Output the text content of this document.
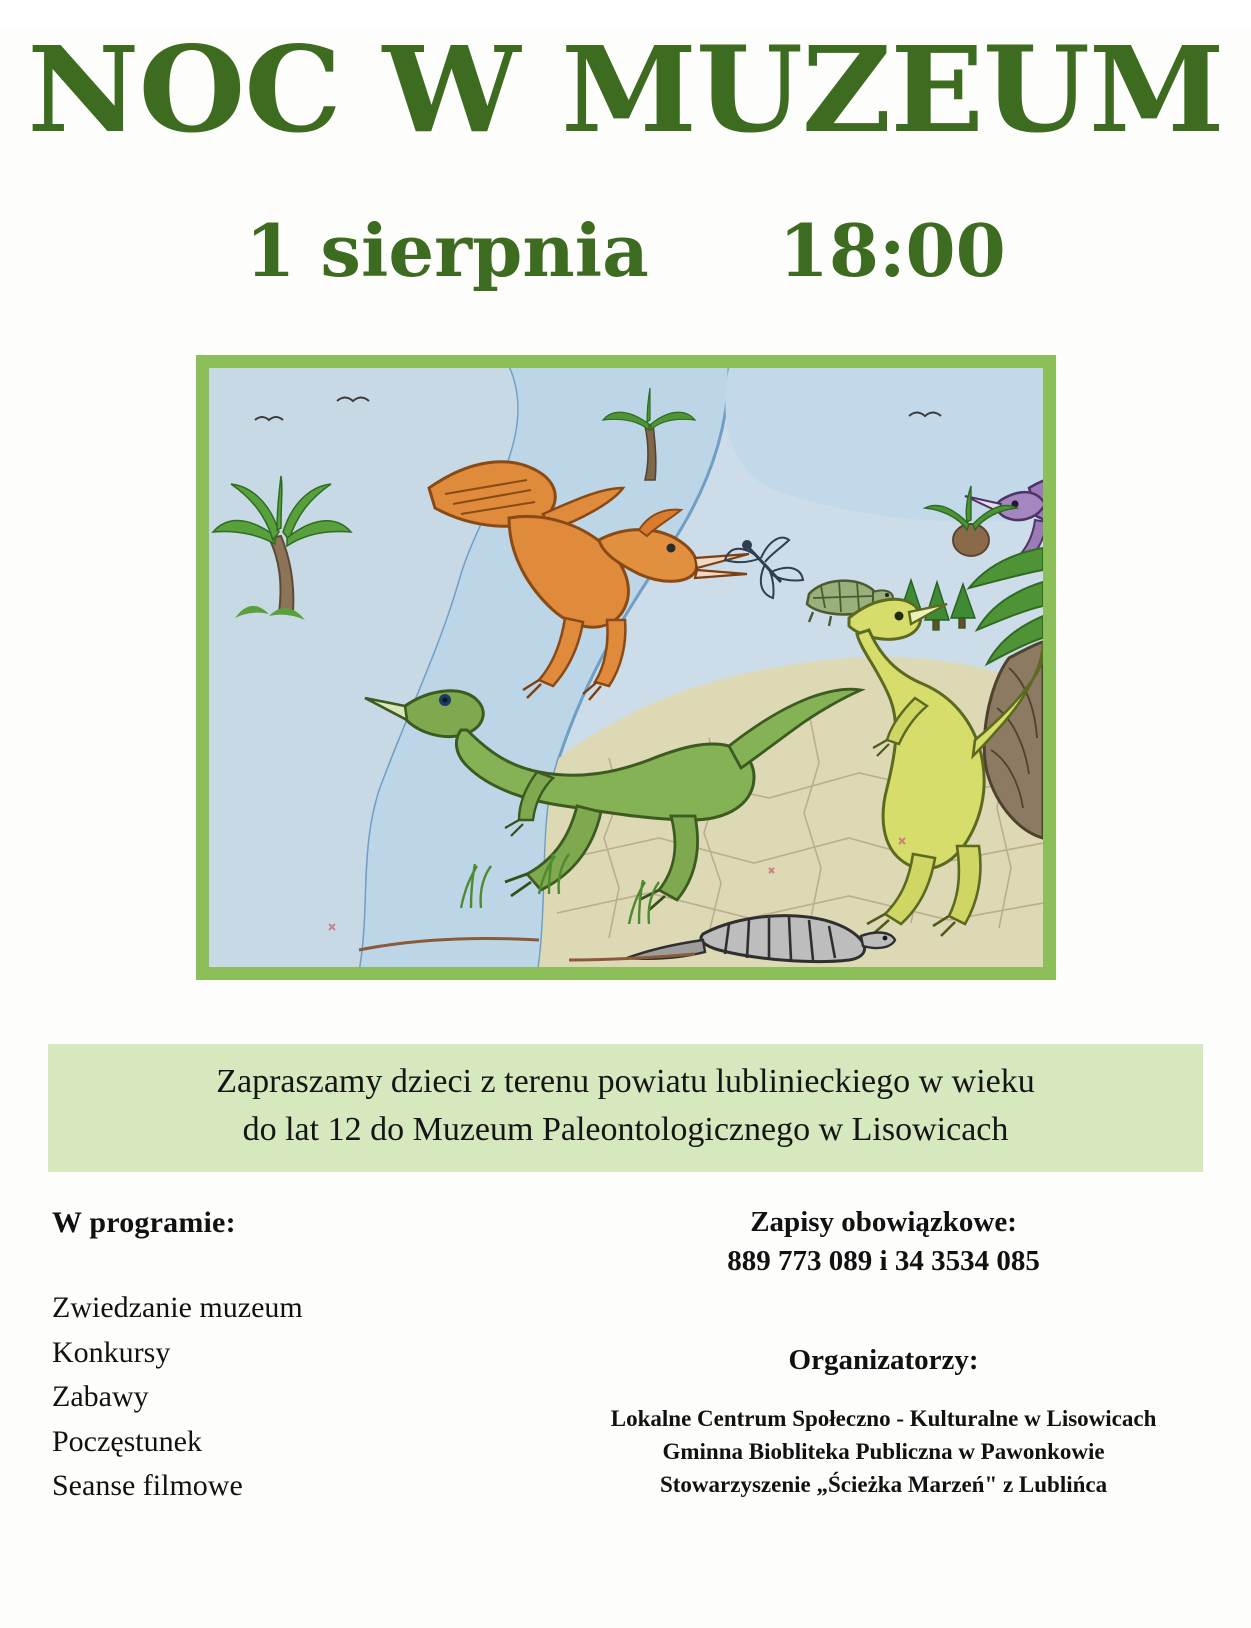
NOC W MUZEUM
1 sierpnia 18:00
Zapraszamy dzieci z terenu powiatu lublinieckiego w wieku
do lat 12 do Muzeum Paleontologicznego w Lisowicach
W programie:
Zwiedzanie muzeum
Konkursy
Zabawy
Poczęstunek
Seanse filmowe
Zapisy obowiązkowe:
889 773 089 i 34 3534 085
Organizatorzy:
Lokalne Centrum Społeczno - Kulturalne w Lisowicach
Gminna Biobliteka Publiczna w Pawonkowie
Stowarzyszenie „Ścieżka Marzeń" z Lublińca
